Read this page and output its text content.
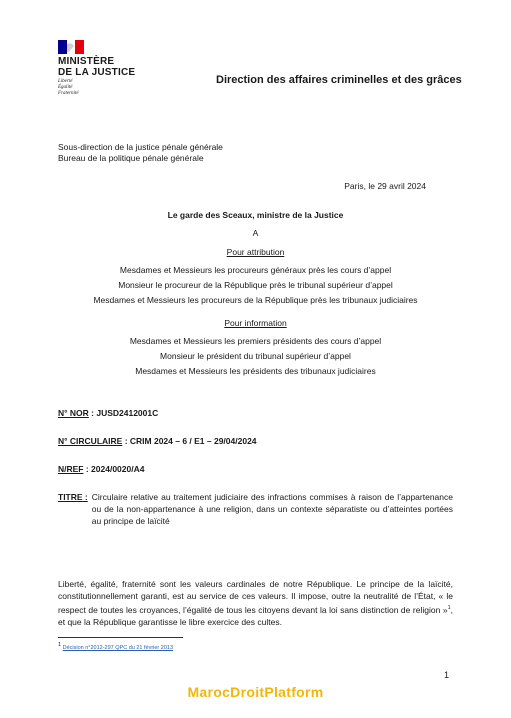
MINISTÈRE
DE LA JUSTICE
Liberté
Égalité
Fraternité
Direction des affaires criminelles et des grâces
Sous-direction de la justice pénale générale
Bureau de la politique pénale générale
Paris, le 29 avril 2024
Le garde des Sceaux, ministre de la Justice
A
Pour attribution
Mesdames et Messieurs les procureurs généraux près les cours d’appel
Monsieur le procureur de la République près le tribunal supérieur d’appel
Mesdames et Messieurs les procureurs de la République près les tribunaux judiciaires
Pour information
Mesdames et Messieurs les premiers présidents des cours d’appel
Monsieur le président du tribunal supérieur d’appel
Mesdames et Messieurs les présidents des tribunaux judiciaires
N° NOR : JUSD2412001C
N° CIRCULAIRE : CRIM 2024 – 6 / E1 – 29/04/2024
N/REF : 2024/0020/A4
TITRE : Circulaire relative au traitement judiciaire des infractions commises à raison de l’appartenance ou de la non-appartenance à une religion, dans un contexte séparatiste ou d’atteintes portées au principe de laïcité
Liberté, égalité, fraternité sont les valeurs cardinales de notre République. Le principe de la laïcité, constitutionnellement garanti, est au service de ces valeurs. Il impose, outre la neutralité de l’État, « le respect de toutes les croyances, l’égalité de tous les citoyens devant la loi sans distinction de religion »$^1$, et que la République garantisse le libre exercice des cultes.
$^1$ Décision n°2012-297 QPC du 21 février 2013
1
MarocDroitPlatform
